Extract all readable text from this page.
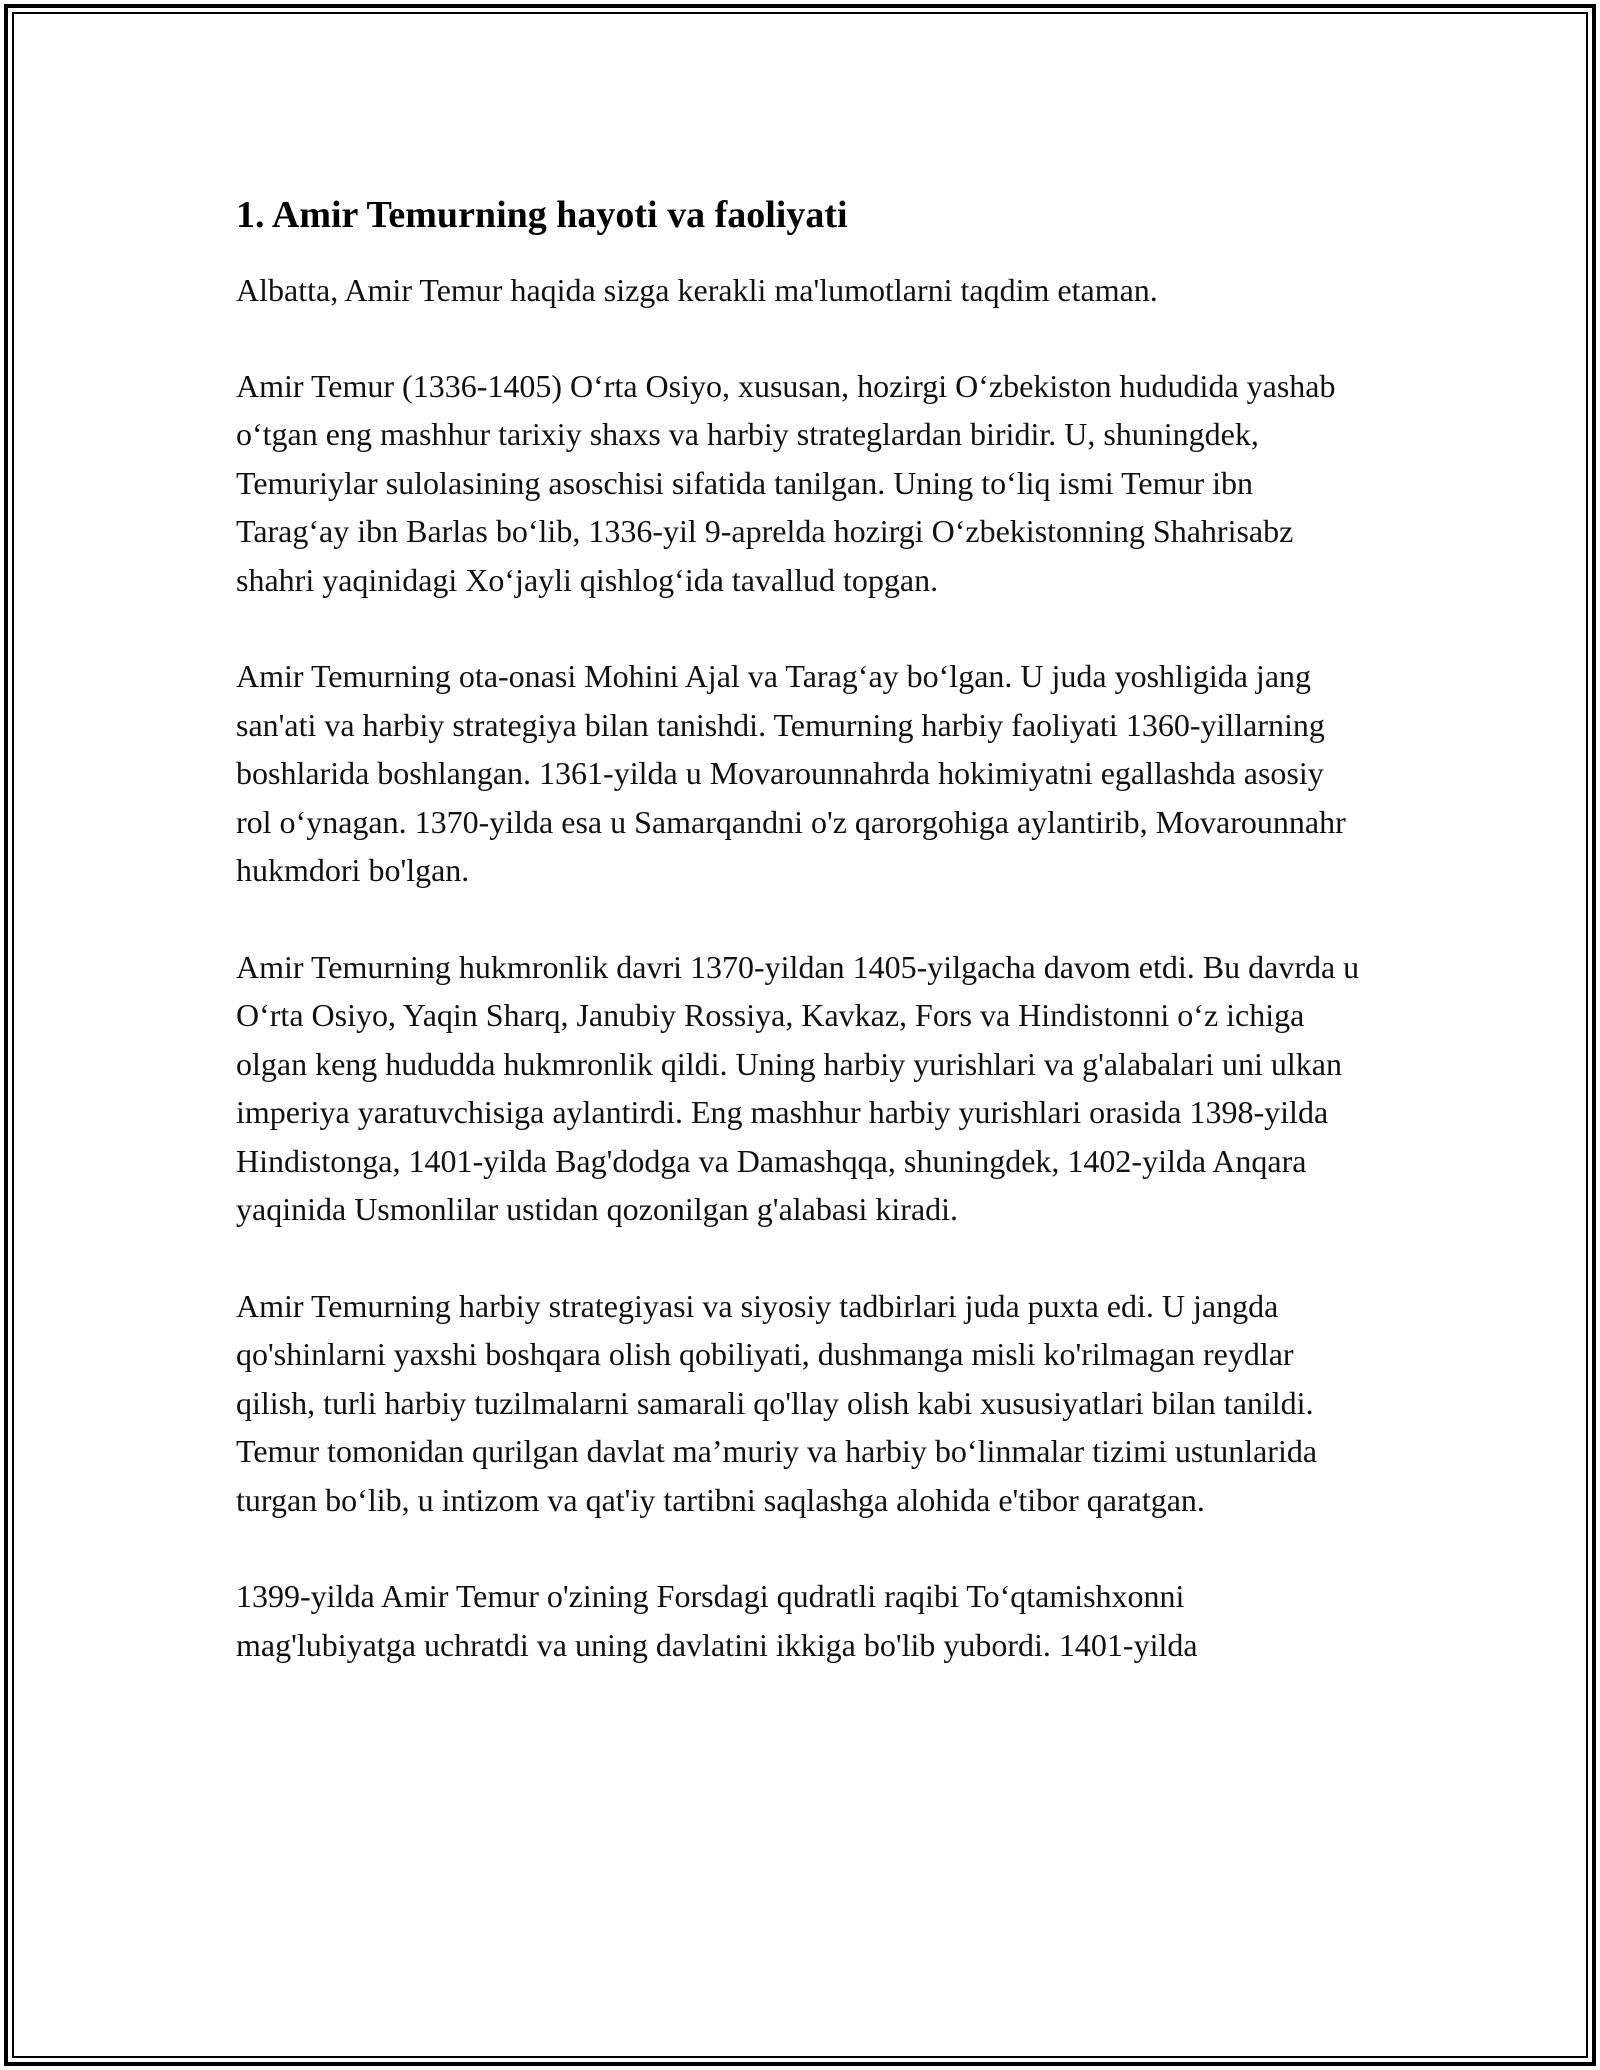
1. Amir Temurning hayoti va faoliyati

Albatta, Amir Temur haqida sizga kerakli ma'lumotlarni taqdim etaman.

Amir Temur (1336-1405) O‘rta Osiyo, xususan, hozirgi O‘zbekiston hududida yashab o‘tgan eng mashhur tarixiy shaxs va harbiy strateglardan biridir. U, shuningdek, Temuriylar sulolasining asoschisi sifatida tanilgan. Uning to‘liq ismi Temur ibn Tarag‘ay ibn Barlas bo‘lib, 1336-yil 9-aprelda hozirgi O‘zbekistonning Shahrisabz shahri yaqinidagi Xo‘jayli qishlog‘ida tavallud topgan.

Amir Temurning ota-onasi Mohini Ajal va Tarag‘ay bo‘lgan. U juda yoshligida jang san'ati va harbiy strategiya bilan tanishdi. Temurning harbiy faoliyati 1360-yillarning boshlarida boshlangan. 1361-yilda u Movarounnahrda hokimiyatni egallashda asosiy rol o‘ynagan. 1370-yilda esa u Samarqandni o'z qarorgohiga aylantirib, Movarounnahr hukmdori bo'lgan.

Amir Temurning hukmronlik davri 1370-yildan 1405-yilgacha davom etdi. Bu davrda u O‘rta Osiyo, Yaqin Sharq, Janubiy Rossiya, Kavkaz, Fors va Hindistonni o‘z ichiga olgan keng hududda hukmronlik qildi. Uning harbiy yurishlari va g'alabalari uni ulkan imperiya yaratuvchisiga aylantirdi. Eng mashhur harbiy yurishlari orasida 1398-yilda Hindistonga, 1401-yilda Bag'dodga va Damashqqa, shuningdek, 1402-yilda Anqara yaqinida Usmonlilar ustidan qozonilgan g'alabasi kiradi.

Amir Temurning harbiy strategiyasi va siyosiy tadbirlari juda puxta edi. U jangda qo'shinlarni yaxshi boshqara olish qobiliyati, dushmanga misli ko'rilmagan reydlar qilish, turli harbiy tuzilmalarni samarali qo'llay olish kabi xususiyatlari bilan tanildi. Temur tomonidan qurilgan davlat ma’muriy va harbiy bo‘linmalar tizimi ustunlarida turgan bo‘lib, u intizom va qat'iy tartibni saqlashga alohida e'tibor qaratgan.

1399-yilda Amir Temur o'zining Forsdagi qudratli raqibi To‘qtamishxonni mag'lubiyatga uchratdi va uning davlatini ikkiga bo'lib yubordi. 1401-yilda
